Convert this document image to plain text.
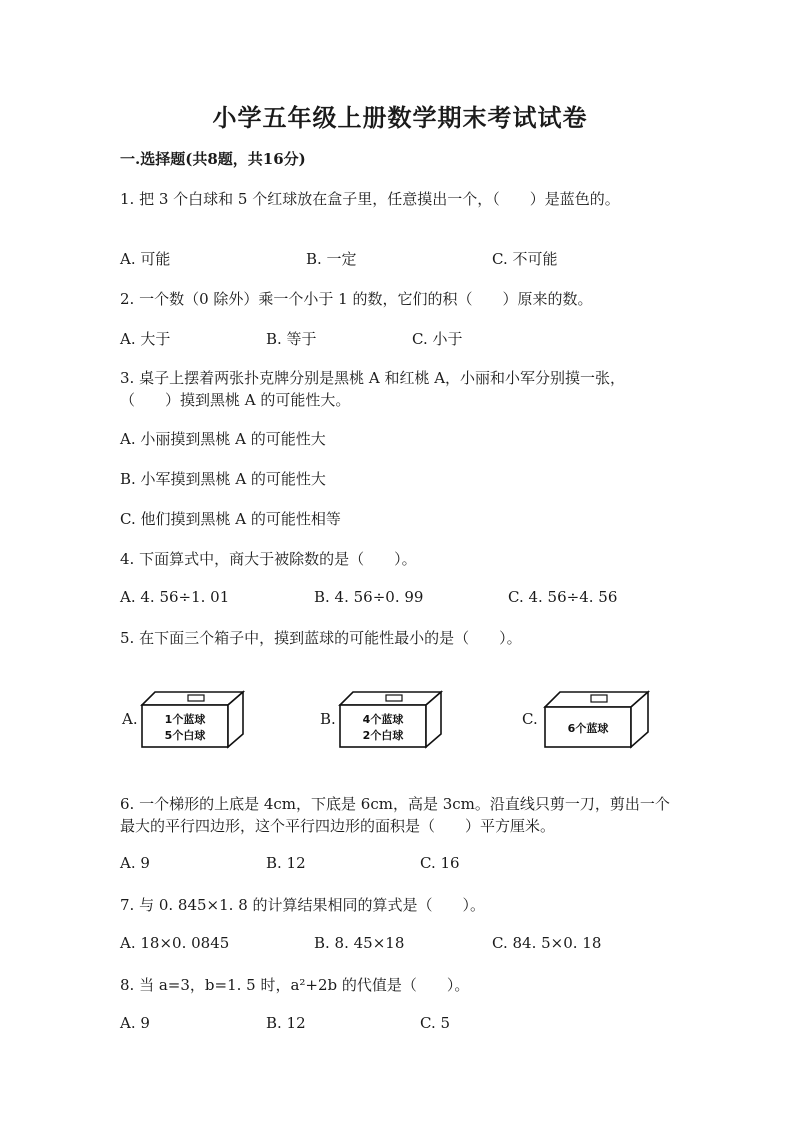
小学五年级上册数学期末考试试卷
一.选择题(共8题，共16分)
1. 把 3 个白球和 5 个红球放在盒子里，任意摸出一个，（　　）是蓝色的。
A. 可能	B. 一定	C. 不可能
2. 一个数（0 除外）乘一个小于 1 的数，它们的积（　　）原来的数。
A. 大于	B. 等于	C. 小于
3. 桌子上摆着两张扑克牌分别是黑桃 A 和红桃 A，小丽和小军分别摸一张，
（　　）摸到黑桃 A 的可能性大。
A. 小丽摸到黑桃 A 的可能性大
B. 小军摸到黑桃 A 的可能性大
C. 他们摸到黑桃 A 的可能性相等
4. 下面算式中，商大于被除数的是（　　）。
A. 4. 56÷1. 01	B. 4. 56÷0. 99	C. 4. 56÷4. 56
5. 在下面三个箱子中，摸到蓝球的可能性最小的是（　　）。
A. 1个蓝球
5个白球
B. 4个蓝球
2个白球
C.
6个蓝球
6. 一个梯形的上底是 4cm，下底是 6cm，高是 3cm。沿直线只剪一刀，剪出一个
最大的平行四边形，这个平行四边形的面积是（　　）平方厘米。
A. 9	B. 12	C. 16
7. 与 0. 845×1. 8 的计算结果相同的算式是（　　）。
A. 18×0. 0845	B. 8. 45×18	C. 84. 5×0. 18
8. 当 a=3，b=1. 5 时，a²+2b 的代值是（　　）。
A. 9	B. 12	C. 5
